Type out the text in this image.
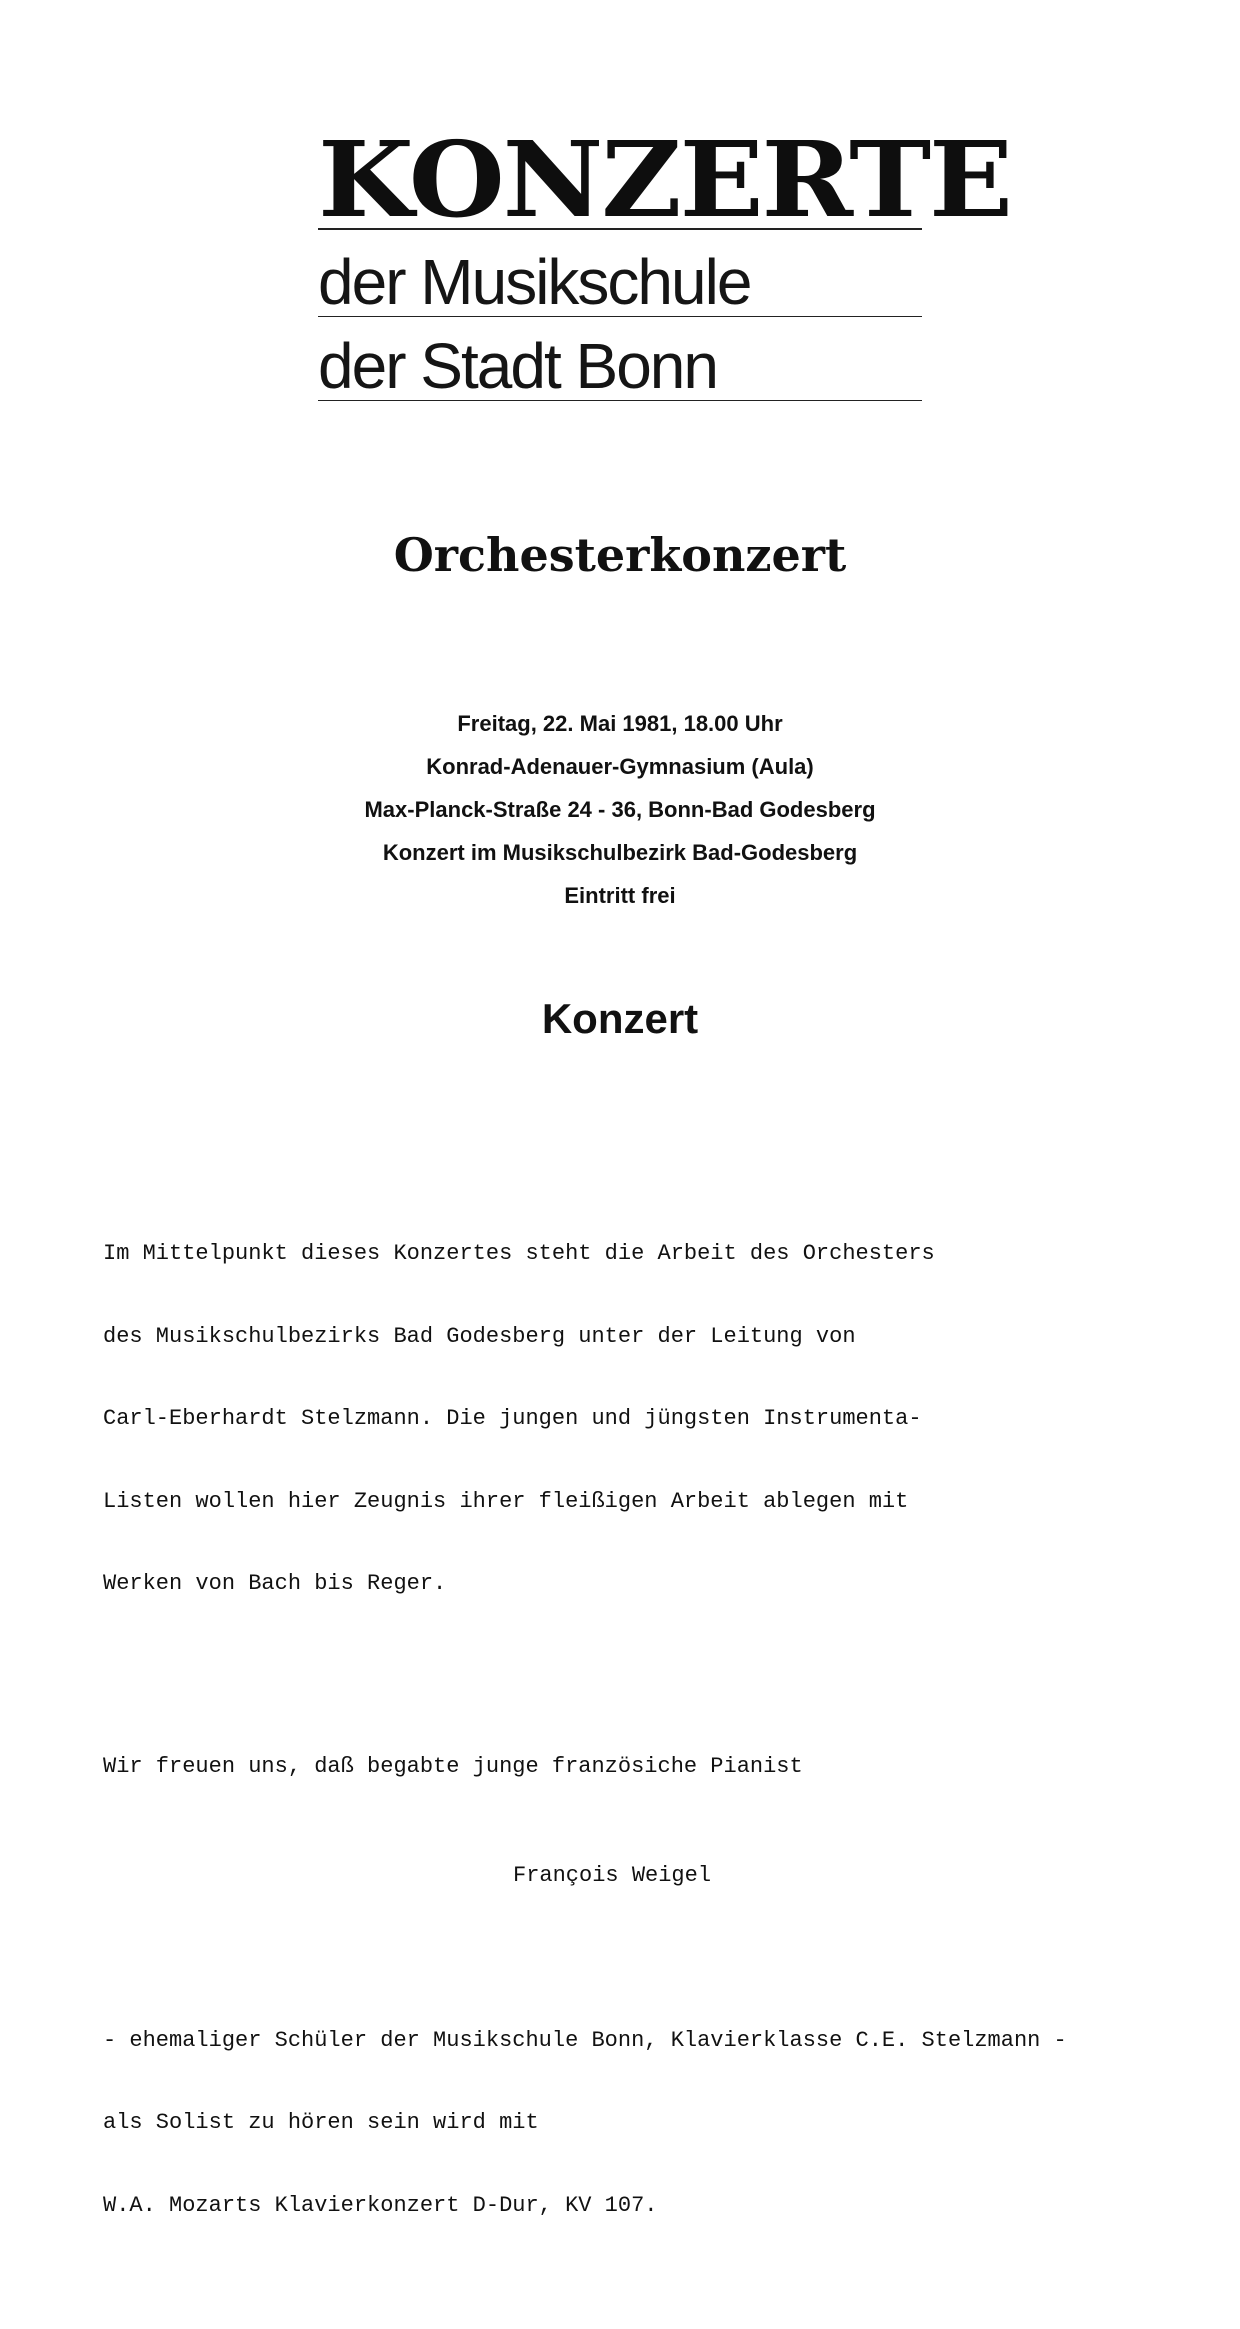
KONZERTE
der Musikschule
der Stadt Bonn
Orchesterkonzert
Freitag, 22. Mai 1981, 18.00 Uhr
Konrad-Adenauer-Gymnasium (Aula)
Max-Planck-Straße 24 - 36, Bonn-Bad Godesberg
Konzert im Musikschulbezirk Bad-Godesberg
Eintritt frei
Konzert

Im Mittelpunkt dieses Konzertes steht die Arbeit des Orchesters

des Musikschulbezirks Bad Godesberg unter der Leitung von

Carl-Eberhardt Stelzmann. Die jungen und jüngsten Instrumenta-

Listen wollen hier Zeugnis ihrer fleißigen Arbeit ablegen mit

Werken von Bach bis Reger.

Wir freuen uns, daß begabte junge französiche Pianist

François Weigel

- ehemaliger Schüler der Musikschule Bonn, Klavierklasse C.E. Stelzmann -

als Solist zu hören sein wird mit

W.A. Mozarts Klavierkonzert D-Dur, KV 107.
